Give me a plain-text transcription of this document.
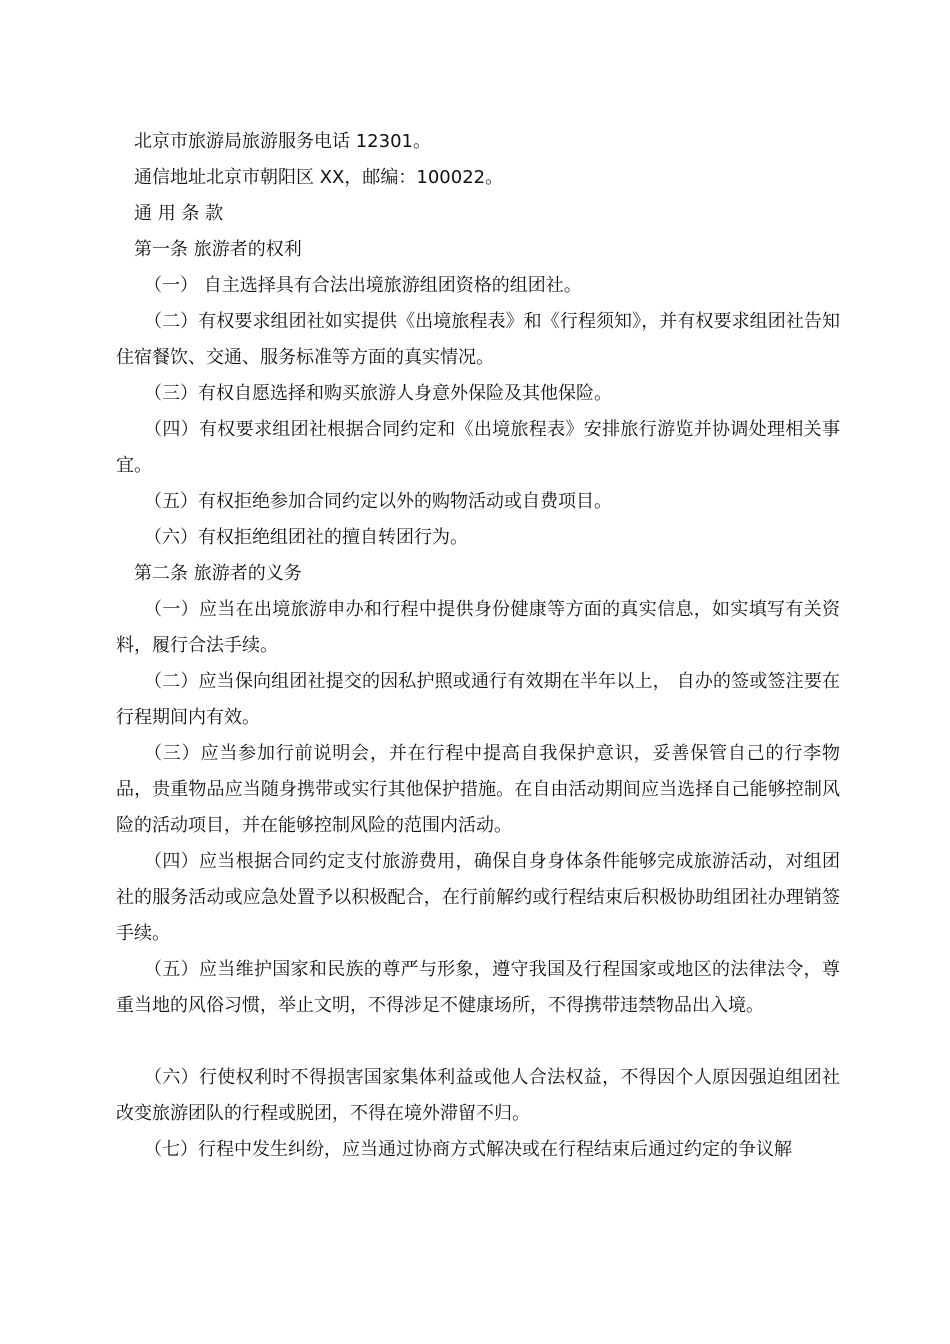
北京市旅游局旅游服务电话 12301。

通信地址北京市朝阳区 XX，邮编：100022。

通 用 条 款

第一条 旅游者的权利

（一） 自主选择具有合法出境旅游组团资格的组团社。

（二）有权要求组团社如实提供《出境旅程表》和《行程须知》，并有权要求组团社告知住宿餐饮、交通、服务标准等方面的真实情况。

（三）有权自愿选择和购买旅游人身意外保险及其他保险。

（四）有权要求组团社根据合同约定和《出境旅程表》安排旅行游览并协调处理相关事宜。

（五）有权拒绝参加合同约定以外的购物活动或自费项目。

（六）有权拒绝组团社的擅自转团行为。

第二条 旅游者的义务

（一）应当在出境旅游申办和行程中提供身份健康等方面的真实信息，如实填写有关资料，履行合法手续。

（二）应当保向组团社提交的因私护照或通行有效期在半年以上， 自办的签或签注要在行程期间内有效。

（三）应当参加行前说明会，并在行程中提高自我保护意识，妥善保管自己的行李物品，贵重物品应当随身携带或实行其他保护措施。在自由活动期间应当选择自己能够控制风险的活动项目，并在能够控制风险的范围内活动。

（四）应当根据合同约定支付旅游费用，确保自身身体条件能够完成旅游活动，对组团社的服务活动或应急处置予以积极配合，在行前解约或行程结束后积极协助组团社办理销签手续。

（五）应当维护国家和民族的尊严与形象，遵守我国及行程国家或地区的法律法令，尊重当地的风俗习惯，举止文明，不得涉足不健康场所，不得携带违禁物品出入境。

（六）行使权利时不得损害国家集体利益或他人合法权益，不得因个人原因强迫组团社改变旅游团队的行程或脱团，不得在境外滞留不归。

（七）行程中发生纠纷，应当通过协商方式解决或在行程结束后通过约定的争议解
